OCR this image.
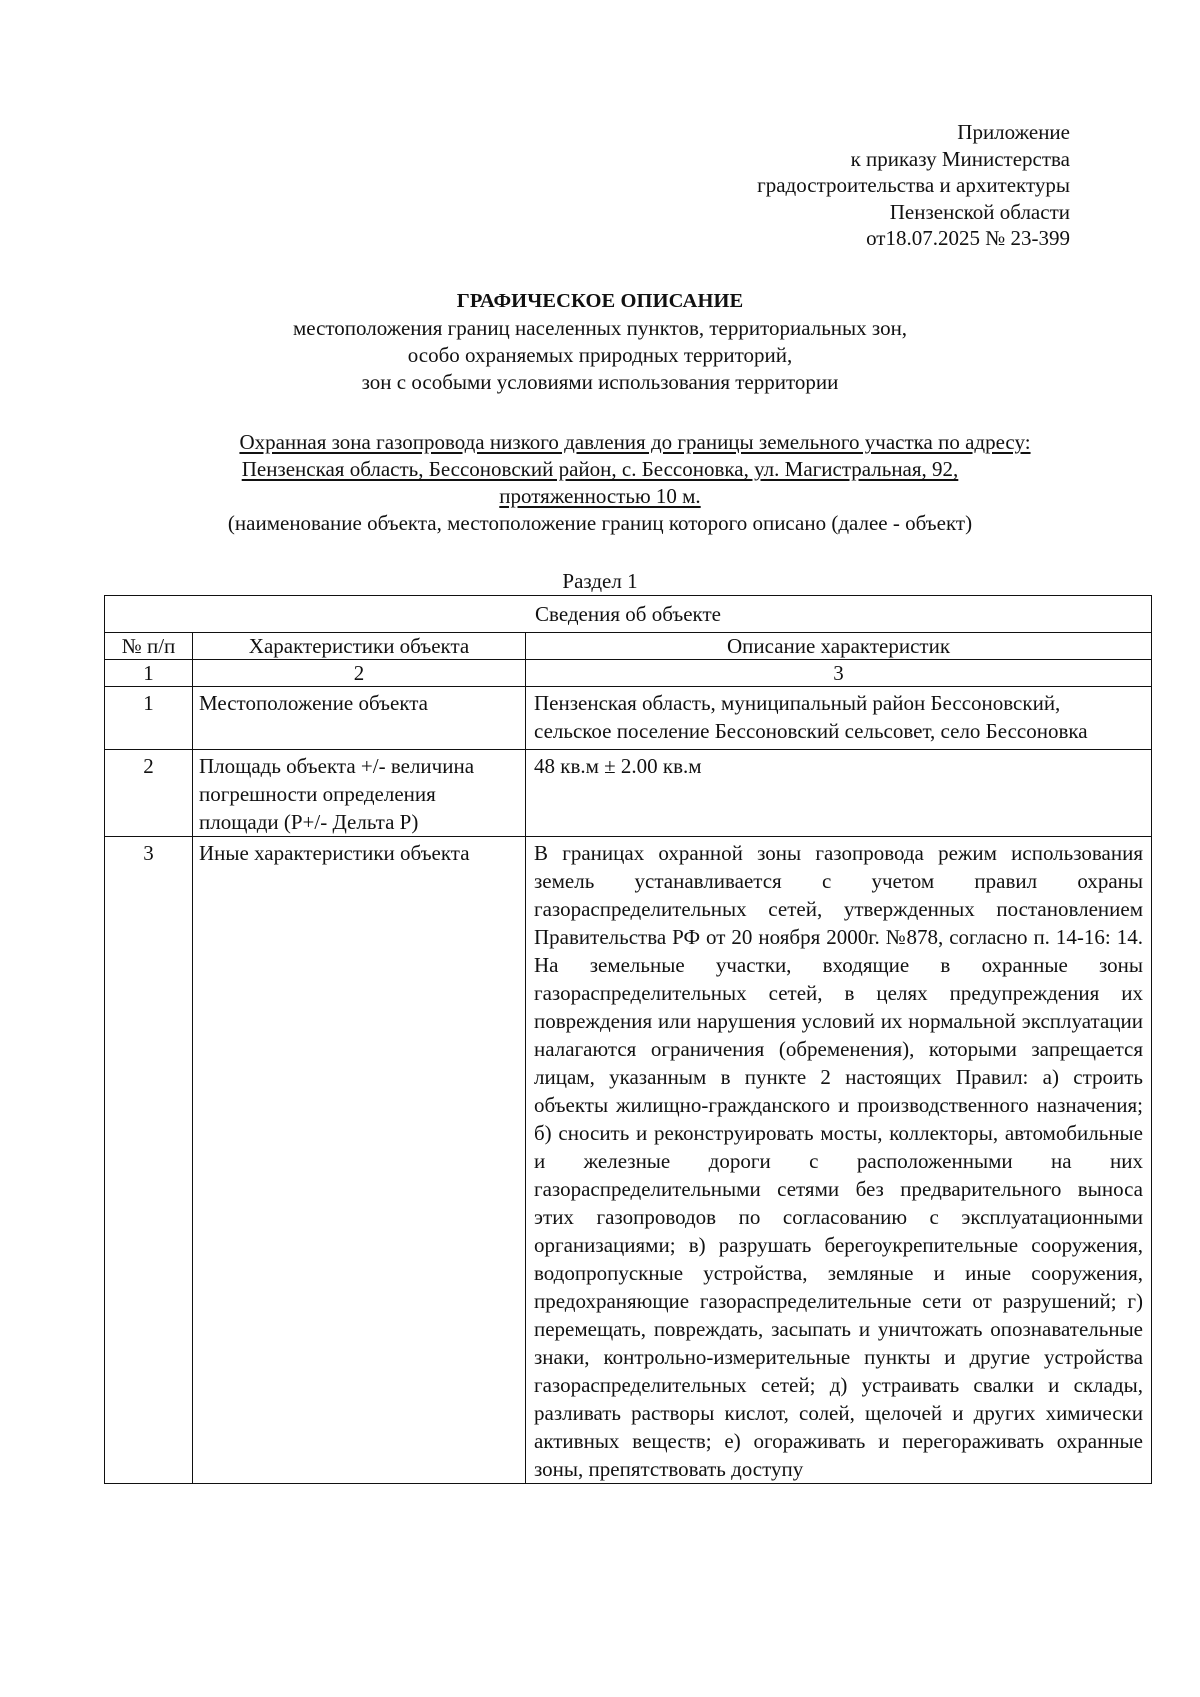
Приложение
к приказу Министерства
градостроительства и архитектуры
Пензенской области
от18.07.2025 № 23-399
ГРАФИЧЕСКОЕ ОПИСАНИЕ
местоположения границ населенных пунктов, территориальных зон,
особо охраняемых природных территорий,
зон с особыми условиями использования территории
Охранная зона газопровода низкого давления до границы земельного участка по адресу:
Пензенская область, Бессоновский район, с. Бессоновка, ул. Магистральная, 92,
протяженностью 10 м.
(наименование объекта, местоположение границ которого описано (далее - объект)
Раздел 1
Сведения об объекте		
№ п/п	Характеристики объекта	Описание характеристик
1	2	3
1	Местоположение объекта	Пензенская область, муниципальный район Бессоновский, сельское поселение Бессоновский сельсовет, село Бессоновка
2	Площадь объекта +/- величина погрешности определения площади (Р+/- Дельта Р)	48 кв.м ± 2.00 кв.м
3	Иные характеристики объекта	В границах охранной зоны газопровода режим использования земель устанавливается с учетом правил охраны газораспределительных сетей, утвержденных постановлением Правительства РФ от 20 ноября 2000г. №878, согласно п. 14-16: 14. На земельные участки, входящие в охранные зоны газораспределительных сетей, в целях предупреждения их повреждения или нарушения условий их нормальной эксплуатации налагаются ограничения (обременения), которыми запрещается лицам, указанным в пункте 2 настоящих Правил: а) строить объекты жилищно-гражданского и производственного назначения; б) сносить и реконструировать мосты, коллекторы, автомобильные и железные дороги с расположенными на них газораспределительными сетями без предварительного выноса этих газопроводов по согласованию с эксплуатационными организациями; в) разрушать берегоукрепительные сооружения, водопропускные устройства, земляные и иные сооружения, предохраняющие газораспределительные сети от разрушений; г) перемещать, повреждать, засыпать и уничтожать опознавательные знаки, контрольно-измерительные пункты и другие устройства газораспределительных сетей; д) устраивать свалки и склады, разливать растворы кислот, солей, щелочей и других химически активных веществ; е) огораживать и перегораживать охранные зоны, препятствовать доступу
